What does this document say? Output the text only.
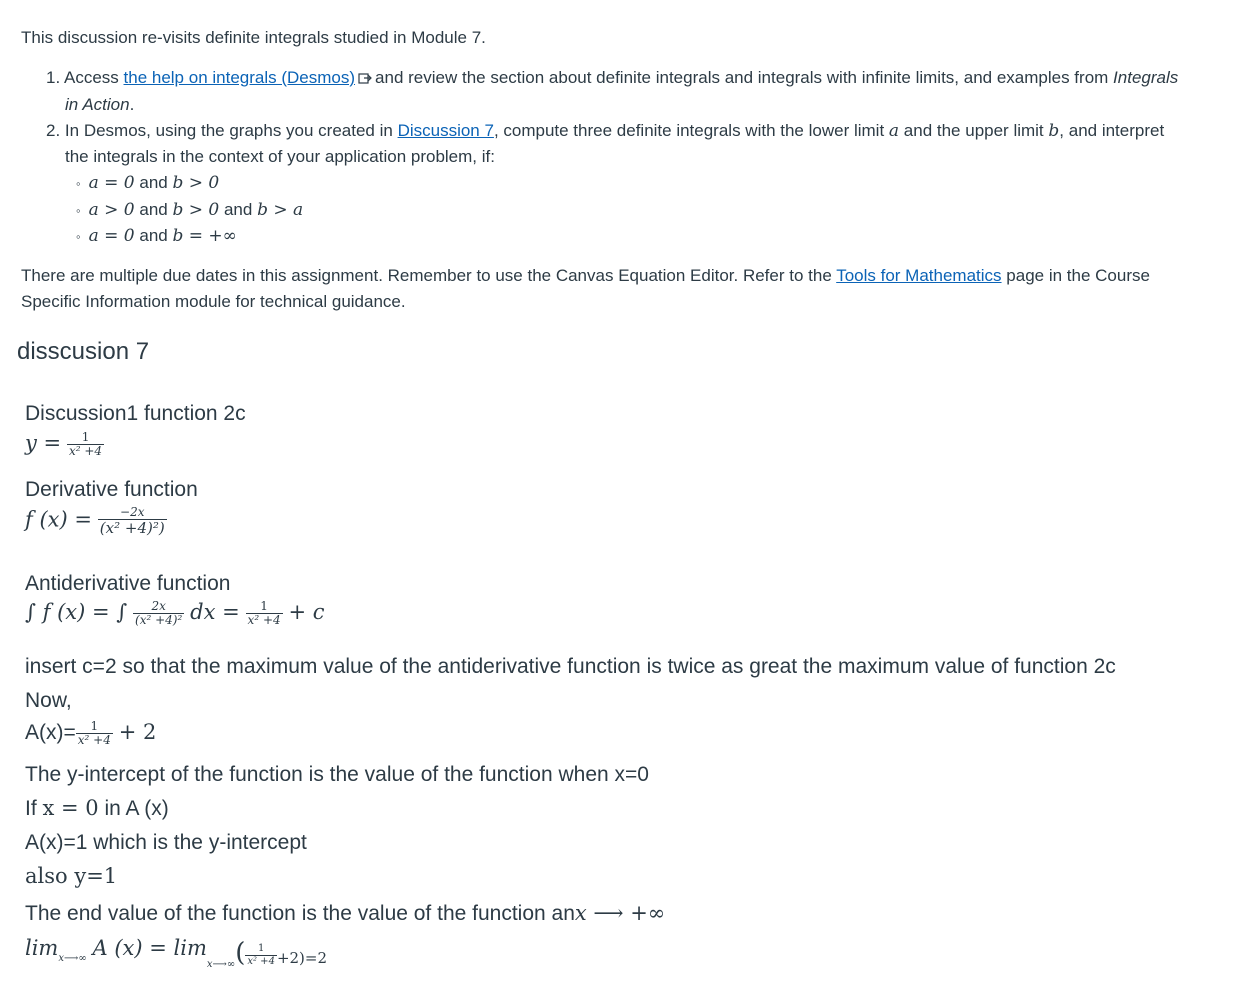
This discussion re-visits definite integrals studied in Module 7.
1. Access the help on integrals (Desmos) and review the section about definite integrals and integrals with infinite limits, and examples from Integrals
in Action.
2. In Desmos, using the graphs you created in Discussion 7, compute three definite integrals with the lower limit a and the upper limit b, and interpret
the integrals in the context of your application problem, if:
◦ a = 0 and b > 0
◦ a > 0 and b > 0 and b > a
◦ a = 0 and b = +∞
There are multiple due dates in this assignment. Remember to use the Canvas Equation Editor. Refer to the Tools for Mathematics page in the Course
Specific Information module for technical guidance.
disscusion 7
Discussion1 function 2c
$y = \frac{1}{\text{x² +4}}$
Derivative function
f $(x) = \frac{-2x}{\text{(x² +4)²)}}$
Antiderivative function
∫ f (x) = ∫ $\frac{2x}{\text{(x² +4)²}}$ dx = $\frac{1}{\text{x² +4}} + c$
insert c=2 so that the maximum value of the antiderivative function is twice as great the maximum value of function 2c
Now,
$A(x)= \frac{1}{\text{x² +4}} + 2$
The y-intercept of the function is the value of the function when x=0
If x = 0 in A (x)
A(x)=1 which is the y-intercept
also y=1
The end value of the function is the value of the function anx ⟶ +∞
$\lim_{x⟶\infty} A$ $(x) = \lim_{x⟶\infty}( \frac{1}{\text{x² +4}} _{+2)=2}$
